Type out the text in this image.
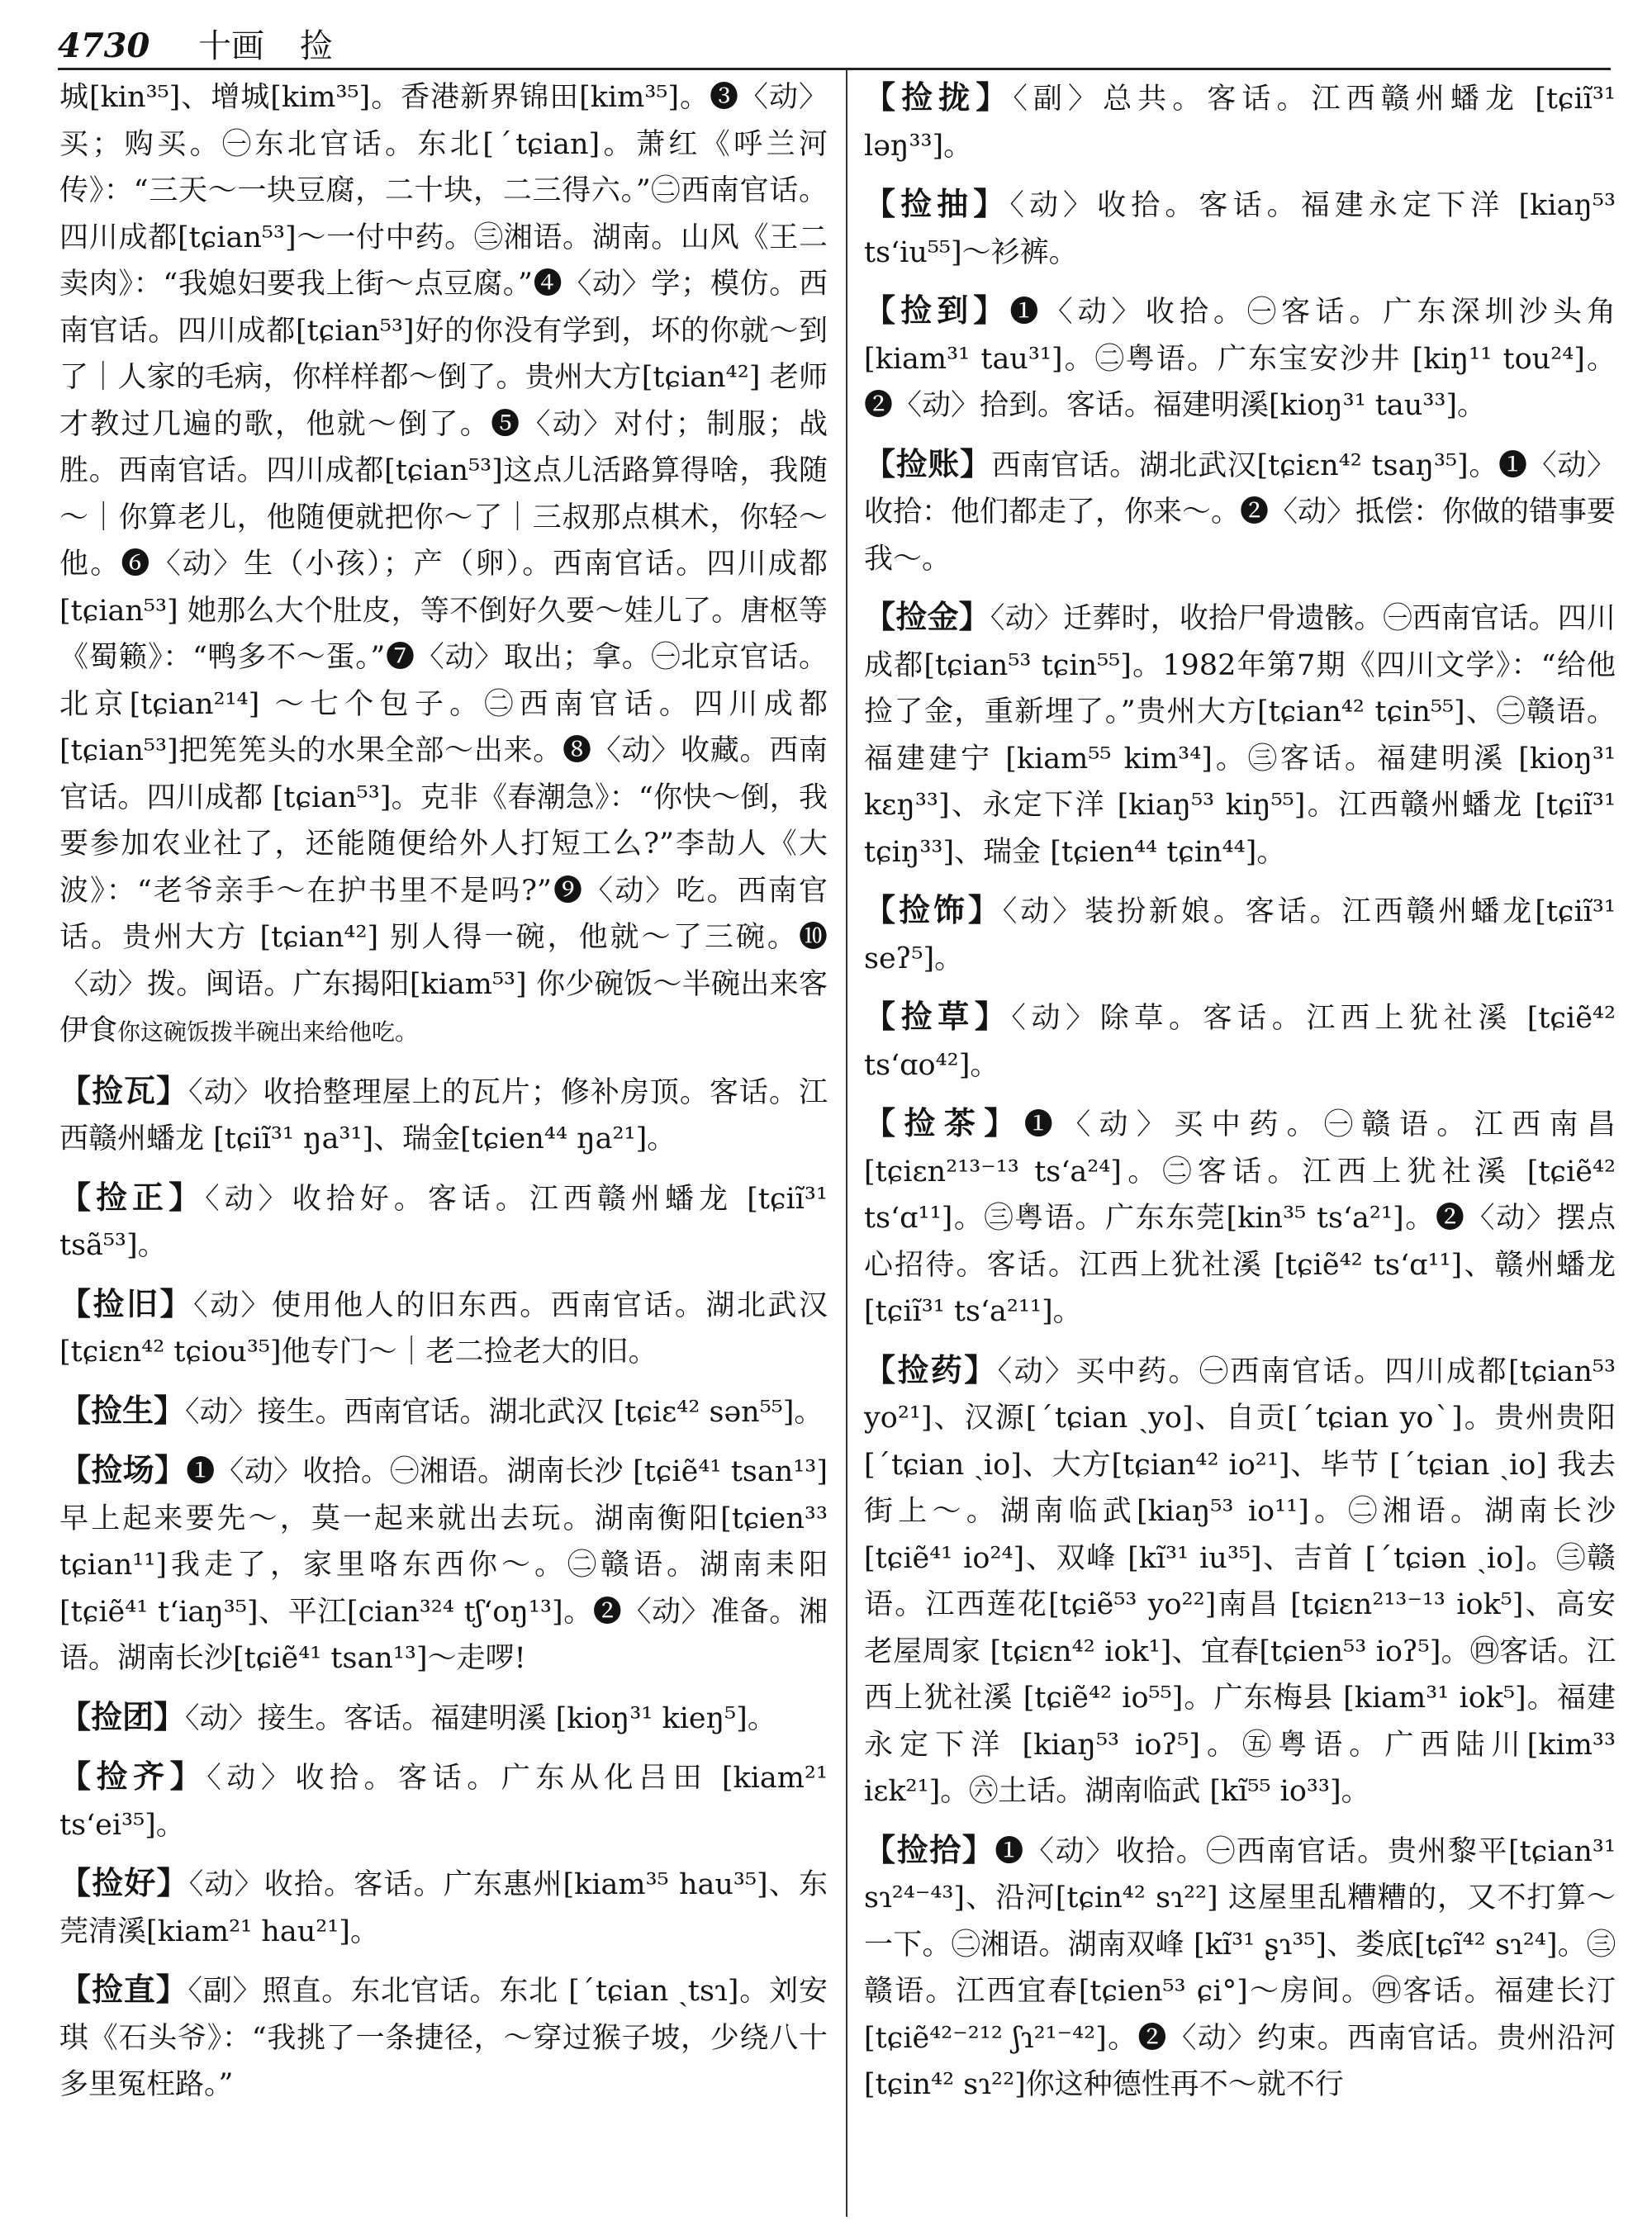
4730 十画 捡

城[kin³⁵]、增城[kim³⁵]。香港新界锦田[kim³⁵]。❸〈动〉买；购买。㊀东北官话。东北[ˊtɕian]。萧红《呼兰河传》：“三天～一块豆腐，二十块，二三得六。”㊁西南官话。四川成都[tɕian⁵³]～一付中药。㊂湘语。湖南。山风《王二卖肉》：“我媳妇要我上街～点豆腐。”❹〈动〉学；模仿。西南官话。四川成都[tɕian⁵³]好的你没有学到，坏的你就～到了｜人家的毛病，你样样都～倒了。贵州大方[tɕian⁴²] 老师才教过几遍的歌，他就～倒了。❺〈动〉对付；制服；战胜。西南官话。四川成都[tɕian⁵³]这点儿活路算得啥，我随～｜你算老儿，他随便就把你～了｜三叔那点棋术，你轻～他。❻〈动〉生（小孩）；产（卵）。西南官话。四川成都[tɕian⁵³] 她那么大个肚皮，等不倒好久要～娃儿了。唐枢等《蜀籁》：“鸭多不～蛋。”❼〈动〉取出；拿。㊀北京官话。北京[tɕian²¹⁴] ～七个包子。㊁西南官话。四川成都[tɕian⁵³]把筅筅头的水果全部～出来。❽〈动〉收藏。西南官话。四川成都 [tɕian⁵³]。克非《春潮急》：“你快～倒，我要参加农业社了，还能随便给外人打短工么?”李劼人《大波》：“老爷亲手～在护书里不是吗?”❾〈动〉吃。西南官话。贵州大方 [tɕian⁴²] 别人得一碗，他就～了三碗。❿〈动〉拨。闽语。广东揭阳[kiam⁵³] 你少碗饭～半碗出来客伊食你这碗饭拨半碗出来给他吃。

【捡瓦】〈动〉收拾整理屋上的瓦片；修补房顶。客话。江西赣州蟠龙 [tɕiĩ³¹ ŋa³¹]、瑞金[tɕien⁴⁴ ŋa²¹]。

【捡正】〈动〉收拾好。客话。江西赣州蟠龙 [tɕiĩ³¹ tsã⁵³]。

【捡旧】〈动〉使用他人的旧东西。西南官话。湖北武汉[tɕiɛn⁴² tɕiou³⁵]他专门～｜老二捡老大的旧。

【捡生】〈动〉接生。西南官话。湖北武汉 [tɕiɛ⁴² sən⁵⁵]。

【捡场】❶〈动〉收拾。㊀湘语。湖南长沙 [tɕiẽ⁴¹ tsan¹³] 早上起来要先～，莫一起来就出去玩。湖南衡阳[tɕien³³ tɕian¹¹]我走了，家里咯东西你～。㊁赣语。湖南耒阳[tɕiẽ⁴¹ tʻiaŋ³⁵]、平江[cian³²⁴ tʃʻoŋ¹³]。❷〈动〉准备。湘语。湖南长沙[tɕiẽ⁴¹ tsan¹³]～走啰!

【捡团】〈动〉接生。客话。福建明溪 [kioŋ³¹ kieŋ⁵]。

【捡齐】〈动〉收拾。客话。广东从化吕田 [kiam²¹ tsʻei³⁵]。

【捡好】〈动〉收拾。客话。广东惠州[kiam³⁵ hau³⁵]、东莞清溪[kiam²¹ hau²¹]。

【捡直】〈副〉照直。东北官话。东北 [ˊtɕian ˏtsɿ]。刘安琪《石头爷》：“我挑了一条捷径，～穿过猴子坡，少绕八十多里冤枉路。”

【捡拢】〈副〉总共。客话。江西赣州蟠龙 [tɕiĩ³¹ ləŋ³³]。

【捡抽】〈动〉收拾。客话。福建永定下洋 [kiaŋ⁵³ tsʻiu⁵⁵]～衫裤。

【捡到】❶〈动〉收拾。㊀客话。广东深圳沙头角 [kiam³¹ tau³¹]。㊁粤语。广东宝安沙井 [kiŋ¹¹ tou²⁴]。❷〈动〉拾到。客话。福建明溪[kioŋ³¹ tau³³]。

【捡账】西南官话。湖北武汉[tɕiɛn⁴² tsaŋ³⁵]。❶〈动〉收拾：他们都走了，你来～。❷〈动〉抵偿：你做的错事要我～。

【捡金】〈动〉迁葬时，收拾尸骨遗骸。㊀西南官话。四川成都[tɕian⁵³ tɕin⁵⁵]。1982年第7期《四川文学》：“给他捡了金，重新埋了。”贵州大方[tɕian⁴² tɕin⁵⁵]、㊁赣语。福建建宁 [kiam⁵⁵ kim³⁴]。㊂客话。福建明溪 [kioŋ³¹ kɛŋ³³]、永定下洋 [kiaŋ⁵³ kiŋ⁵⁵]。江西赣州蟠龙 [tɕiĩ³¹ tɕiŋ³³]、瑞金 [tɕien⁴⁴ tɕin⁴⁴]。

【捡饰】〈动〉装扮新娘。客话。江西赣州蟠龙[tɕiĩ³¹ seʔ⁵]。

【捡草】〈动〉除草。客话。江西上犹社溪 [tɕiẽ⁴² tsʻɑo⁴²]。

【捡茶】❶〈动〉买中药。㊀赣语。江西南昌 [tɕiɛn²¹³⁻¹³ tsʻa²⁴]。㊁客话。江西上犹社溪 [tɕiẽ⁴² tsʻɑ¹¹]。㊂粤语。广东东莞[kin³⁵ tsʻa²¹]。❷〈动〉摆点心招待。客话。江西上犹社溪 [tɕiẽ⁴² tsʻɑ¹¹]、赣州蟠龙[tɕiĩ³¹ tsʻa²¹¹]。

【捡药】〈动〉买中药。㊀西南官话。四川成都[tɕian⁵³ yo²¹]、汉源[ˊtɕian ˏyo]、自贡[ˊtɕian yoˋ]。贵州贵阳[ˊtɕian ˏio]、大方[tɕian⁴² io²¹]、毕节 [ˊtɕian ˏio] 我去街上～。湖南临武[kiaŋ⁵³ io¹¹]。㊁湘语。湖南长沙 [tɕiẽ⁴¹ io²⁴]、双峰 [kĩ³¹ iu³⁵]、吉首 [ˊtɕiən ˏio]。㊂赣语。江西莲花[tɕiẽ⁵³ yo²²]南昌 [tɕiɛn²¹³⁻¹³ iok⁵]、高安老屋周家 [tɕiɛn⁴² iok¹]、宜春[tɕien⁵³ ioʔ⁵]。㊃客话。江西上犹社溪 [tɕiẽ⁴² io⁵⁵]。广东梅县 [kiam³¹ iok⁵]。福建永定下洋 [kiaŋ⁵³ ioʔ⁵]。㊄粤语。广西陆川[kim³³ iɛk²¹]。㊅土话。湖南临武 [kĩ⁵⁵ io³³]。

【捡拾】❶〈动〉收拾。㊀西南官话。贵州黎平[tɕian³¹ sɿ²⁴⁻⁴³]、沿河[tɕin⁴² sɿ²²] 这屋里乱糟糟的，又不打算～一下。㊁湘语。湖南双峰 [kĩ³¹ ʂɿ³⁵]、娄底[tɕĩ⁴² sɿ²⁴]。㊂赣语。江西宜春[tɕien⁵³ ɕi°]～房间。㊃客话。福建长汀[tɕiẽ⁴²⁻²¹² ʃɿ²¹⁻⁴²]。❷〈动〉约束。西南官话。贵州沿河[tɕin⁴² sɿ²²]你这种德性再不～就不行
